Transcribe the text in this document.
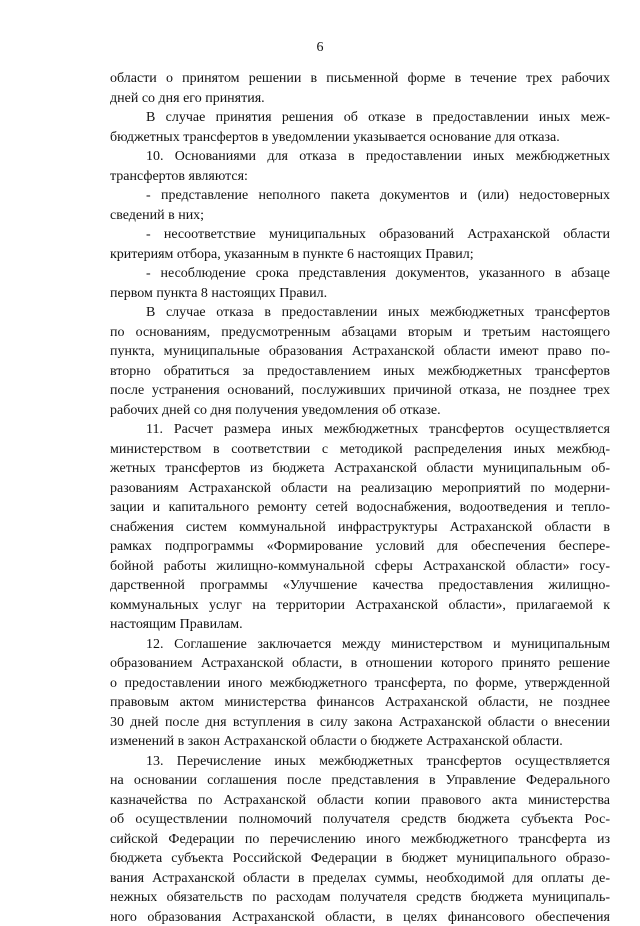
6
области о принятом решении в письменной форме в течение трех рабочих
дней со дня его принятия.
В случае принятия решения об отказе в предоставлении иных меж-
бюджетных трансфертов в уведомлении указывается основание для отказа.
10. Основаниями для отказа в предоставлении иных межбюджетных
трансфертов являются:
- представление неполного пакета документов и (или) недостоверных
сведений в них;
- несоответствие муниципальных образований Астраханской области
критериям отбора, указанным в пункте 6 настоящих Правил;
- несоблюдение срока представления документов, указанного в абзаце
первом пункта 8 настоящих Правил.
В случае отказа в предоставлении иных межбюджетных трансфертов
по основаниям, предусмотренным абзацами вторым и третьим настоящего
пункта, муниципальные образования Астраханской области имеют право по-
вторно обратиться за предоставлением иных межбюджетных трансфертов
после устранения оснований, послуживших причиной отказа, не позднее трех
рабочих дней со дня получения уведомления об отказе.
11. Расчет размера иных межбюджетных трансфертов осуществляется
министерством в соответствии с методикой распределения иных межбюд-
жетных трансфертов из бюджета Астраханской области муниципальным об-
разованиям Астраханской области на реализацию мероприятий по модерни-
зации и капитального ремонту сетей водоснабжения, водоотведения и тепло-
снабжения систем коммунальной инфраструктуры Астраханской области в
рамках подпрограммы «Формирование условий для обеспечения беспере-
бойной работы жилищно-коммунальной сферы Астраханской области» госу-
дарственной программы «Улучшение качества предоставления жилищно-
коммунальных услуг на территории Астраханской области», прилагаемой к
настоящим Правилам.
12. Соглашение заключается между министерством и муниципальным
образованием Астраханской области, в отношении которого принято решение
о предоставлении иного межбюджетного трансферта, по форме, утвержденной
правовым актом министерства финансов Астраханской области, не позднее
30 дней после дня вступления в силу закона Астраханской области о внесении
изменений в закон Астраханской области о бюджете Астраханской области.
13. Перечисление иных межбюджетных трансфертов осуществляется
на основании соглашения после представления в Управление Федерального
казначейства по Астраханской области копии правового акта министерства
об осуществлении полномочий получателя средств бюджета субъекта Рос-
сийской Федерации по перечислению иного межбюджетного трансферта из
бюджета субъекта Российской Федерации в бюджет муниципального образо-
вания Астраханской области в пределах суммы, необходимой для оплаты де-
нежных обязательств по расходам получателя средств бюджета муниципаль-
ного образования Астраханской области, в целях финансового обеспечения
